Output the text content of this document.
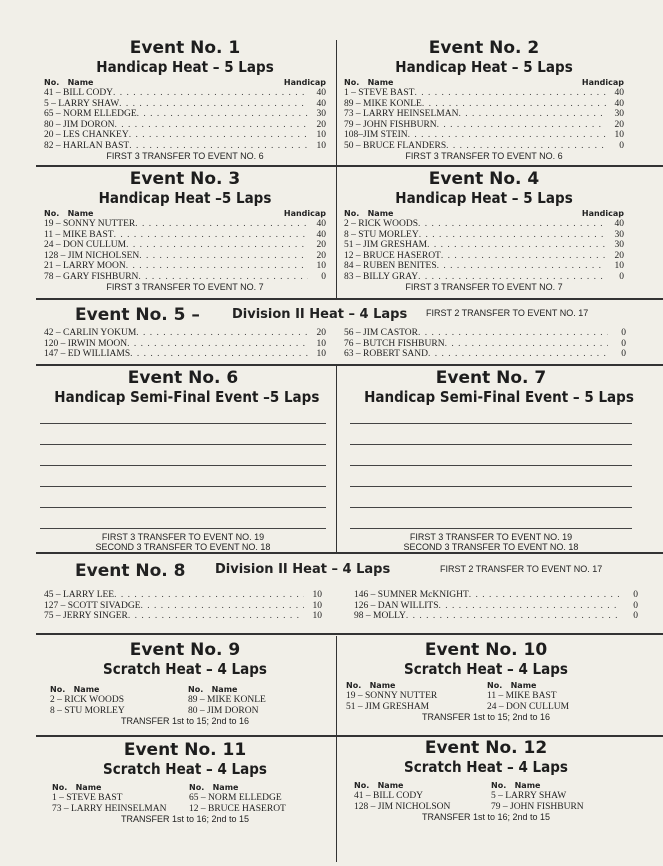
Event No. 1
Handicap Heat – 5 Laps
No. Name	Handicap
41 – BILL CODY . . .	40
5 – LARRY SHAW . . .	40
65 – NORM ELLEDGE . . .	30
80 – JIM DORON . . .	20
20 – LES CHANKEY . . .	10
82 – HARLAN BAST . . .	10
FIRST 3 TRANSFER TO EVENT NO. 6
Event No. 2
Handicap Heat – 5 Laps
No. Name	Handicap
1 – STEVE BAST . . .	40
89 – MIKE KONLE . . .	40
73 – LARRY HEINSELMAN . . .	30
79 – JOHN FISHBURN . . .	20
108–JIM STEIN . . .	10
50 – BRUCE FLANDERS . . .	0
FIRST 3 TRANSFER TO EVENT NO. 6
Event No. 3
Handicap Heat –5 Laps
No. Name	Handicap
19 – SONNY NUTTER . . .	40
11 – MIKE BAST . . .	40
24 – DON CULLUM . . .	20
128 – JIM NICHOLSEN . . .	20
21 – LARRY MOON . . .	10
78 – GARY FISHBURN . . .	0
FIRST 3 TRANSFER TO EVENT NO. 7
Event No. 4
Handicap Heat – 5 Laps
No. Name	Handicap
2 – RICK WOODS . . .	40
8 – STU MORLEY . . .	30
51 – JIM GRESHAM . . .	30
12 – BRUCE HASEROT . . .	20
84 – RUBEN BENITES . . .	10
83 – BILLY GRAY . . .	0
FIRST 3 TRANSFER TO EVENT NO. 7
Event No. 5 – Division II Heat – 4 Laps FIRST 2 TRANSFER TO EVENT NO. 17
42 – CARLIN YOKUM . . .	20
120 – IRWIN MOON . . .	10
147 – ED WILLIAMS . . .	10
56 – JIM CASTOR . . .	0
76 – BUTCH FISHBURN . . .	0
63 – ROBERT SAND . . .	0
Event No. 6
Handicap Semi-Final Event –5 Laps
FIRST 3 TRANSFER TO EVENT NO. 19
SECOND 3 TRANSFER TO EVENT NO. 18
Event No. 7
Handicap Semi-Final Event – 5 Laps
FIRST 3 TRANSFER TO EVENT NO. 19
SECOND 3 TRANSFER TO EVENT NO. 18
Event No. 8 Division II Heat – 4 Laps	FIRST 2 TRANSFER TO EVENT NO. 17
45 – LARRY LEE . . .	10
127 – SCOTT SIVADGE . . .	10
75 – JERRY SINGER . . .	10
146 – SUMNER McKNIGHT . . .	0
126 – DAN WILLITS . . .	0
98 – MOLLY . . .	0
Event No. 9
Scratch Heat – 4 Laps
No. Name	No. Name
2 – RICK WOODS	89 – MIKE KONLE
8 – STU MORLEY	80 – JIM DORON
TRANSFER 1st to 15; 2nd to 16
Event No. 10
Scratch Heat – 4 Laps
No. Name	No. Name
19 – SONNY NUTTER	11 – MIKE BAST
51 – JIM GRESHAM	24 – DON CULLUM
TRANSFER 1st to 15; 2nd to 16
Event No. 11
Scratch Heat – 4 Laps
No. Name	No. Name
1 – STEVE BAST	65 – NORM ELLEDGE
73 – LARRY HEINSELMAN	12 – BRUCE HASEROT
TRANSFER 1st to 16; 2nd to 15
Event No. 12
Scratch Heat – 4 Laps
No. Name	No. Name
41 – BILL CODY	5 – LARRY SHAW
128 – JIM NICHOLSON	79 – JOHN FISHBURN
TRANSFER 1st to 16; 2nd to 15
